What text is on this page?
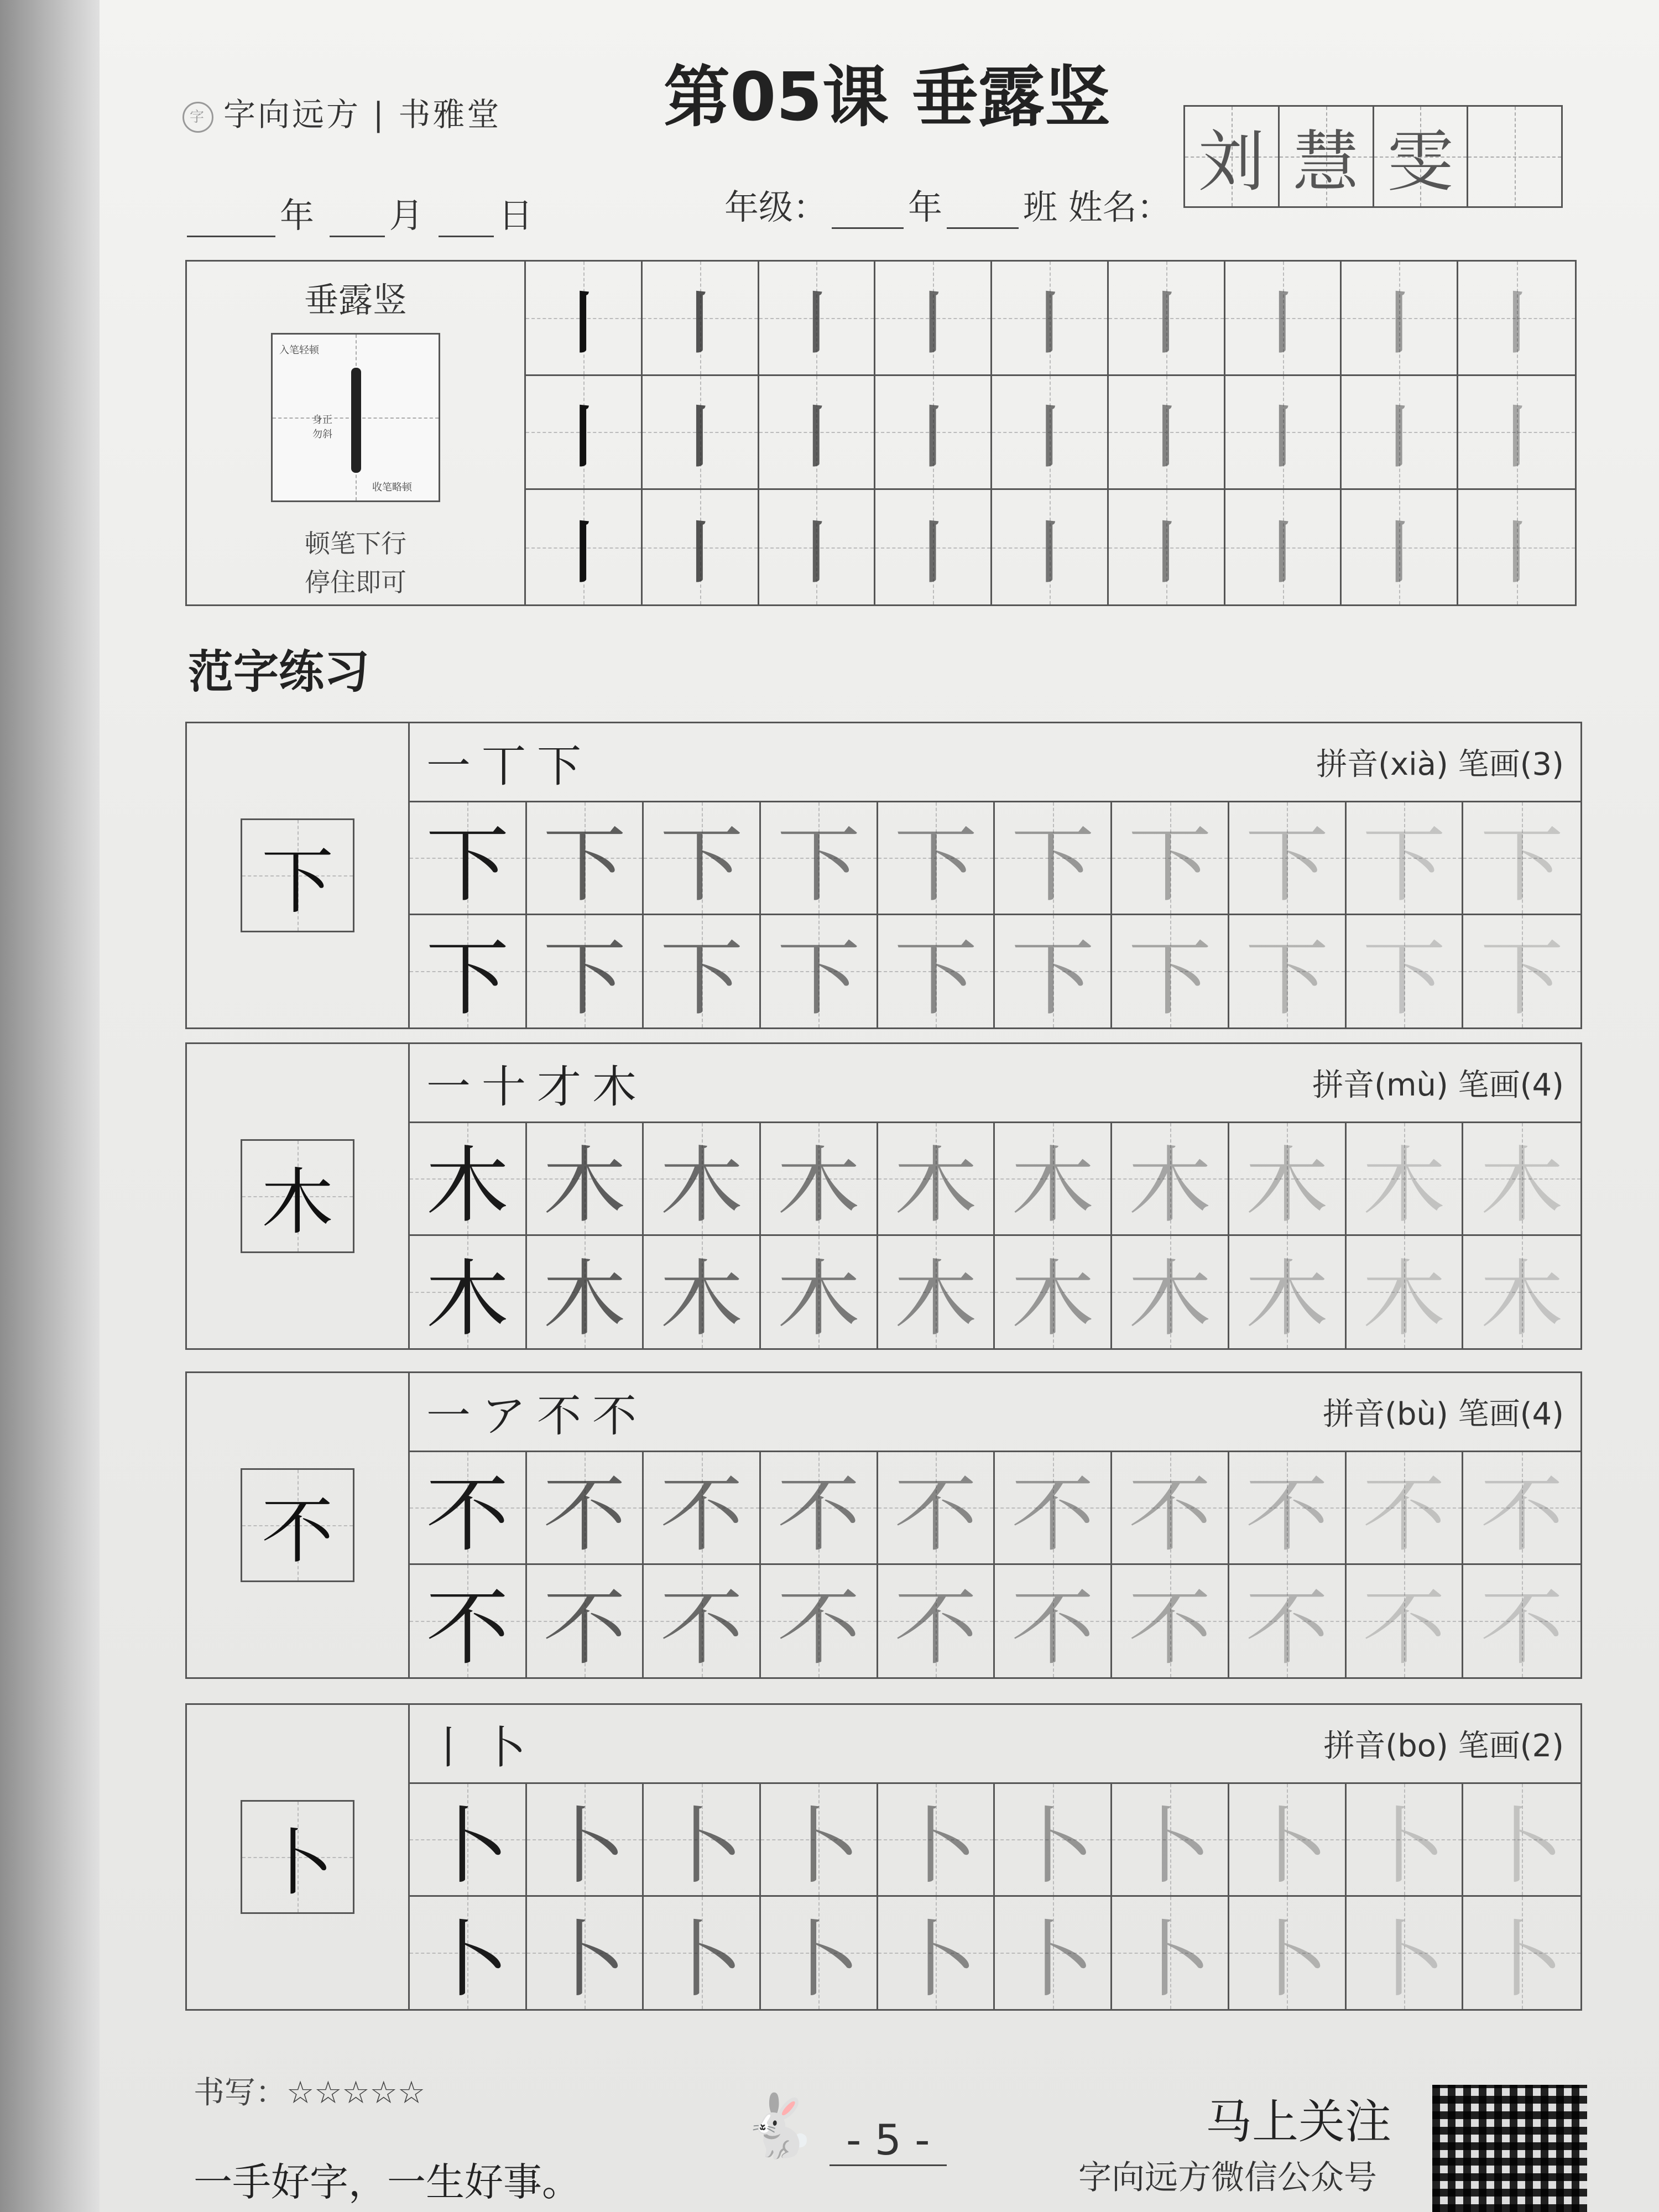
字 字向远方 | 书雅堂 第05课 垂露竖
年 月 日	年级： 年 班 姓名：
刘 慧 雯
垂露竖
入笔轻顿
身正勿斜
收笔略顿
顿笔下行
停住即可
丨 丨 丨 丨 丨 丨 丨 丨 丨
丨 丨 丨 丨 丨 丨 丨 丨 丨
丨 丨 丨 丨 丨 丨 丨 丨 丨
范字练习
下
一丅下	拼音(xià) 笔画(3)
下 下 下 下 下 下 下 下 下 下
下 下 下 下 下 下 下 下 下 下
木
一十才木	拼音(mù) 笔画(4)
木 木 木 木 木 木 木 木 木 木
木 木 木 木 木 木 木 木 木 木
不
一ア不不	拼音(bù) 笔画(4)
不 不 不 不 不 不 不 不 不 不
不 不 不 不 不 不 不 不 不 不
卜
丨卜	拼音(bo) 笔画(2)
卜 卜 卜 卜 卜 卜 卜 卜 卜 卜
卜 卜 卜 卜 卜 卜 卜 卜 卜 卜
书写：☆☆☆☆☆	🐇 - 5 -	马上关注
字向远方微信公众号
一手好字，一生好事。
